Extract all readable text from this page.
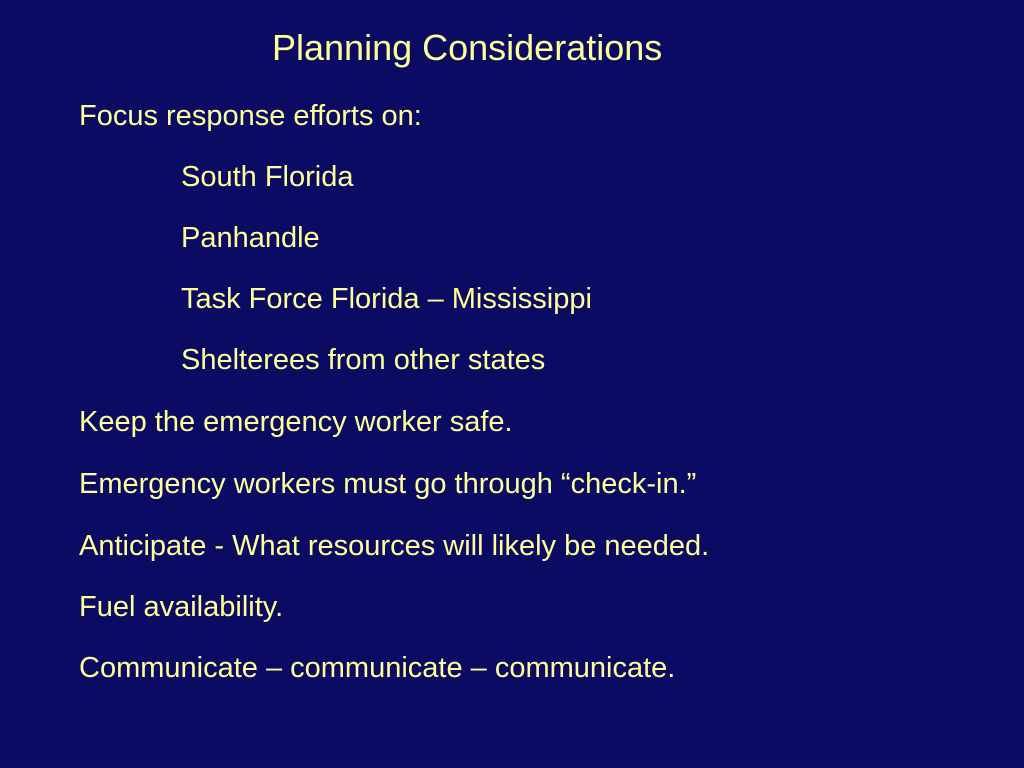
Planning Considerations
Focus response efforts on:
South Florida
Panhandle
Task Force Florida – Mississippi
Shelterees from other states
Keep the emergency worker safe.
Emergency workers must go through “check-in.”
Anticipate - What resources will likely be needed.
Fuel availability.
Communicate – communicate – communicate.
